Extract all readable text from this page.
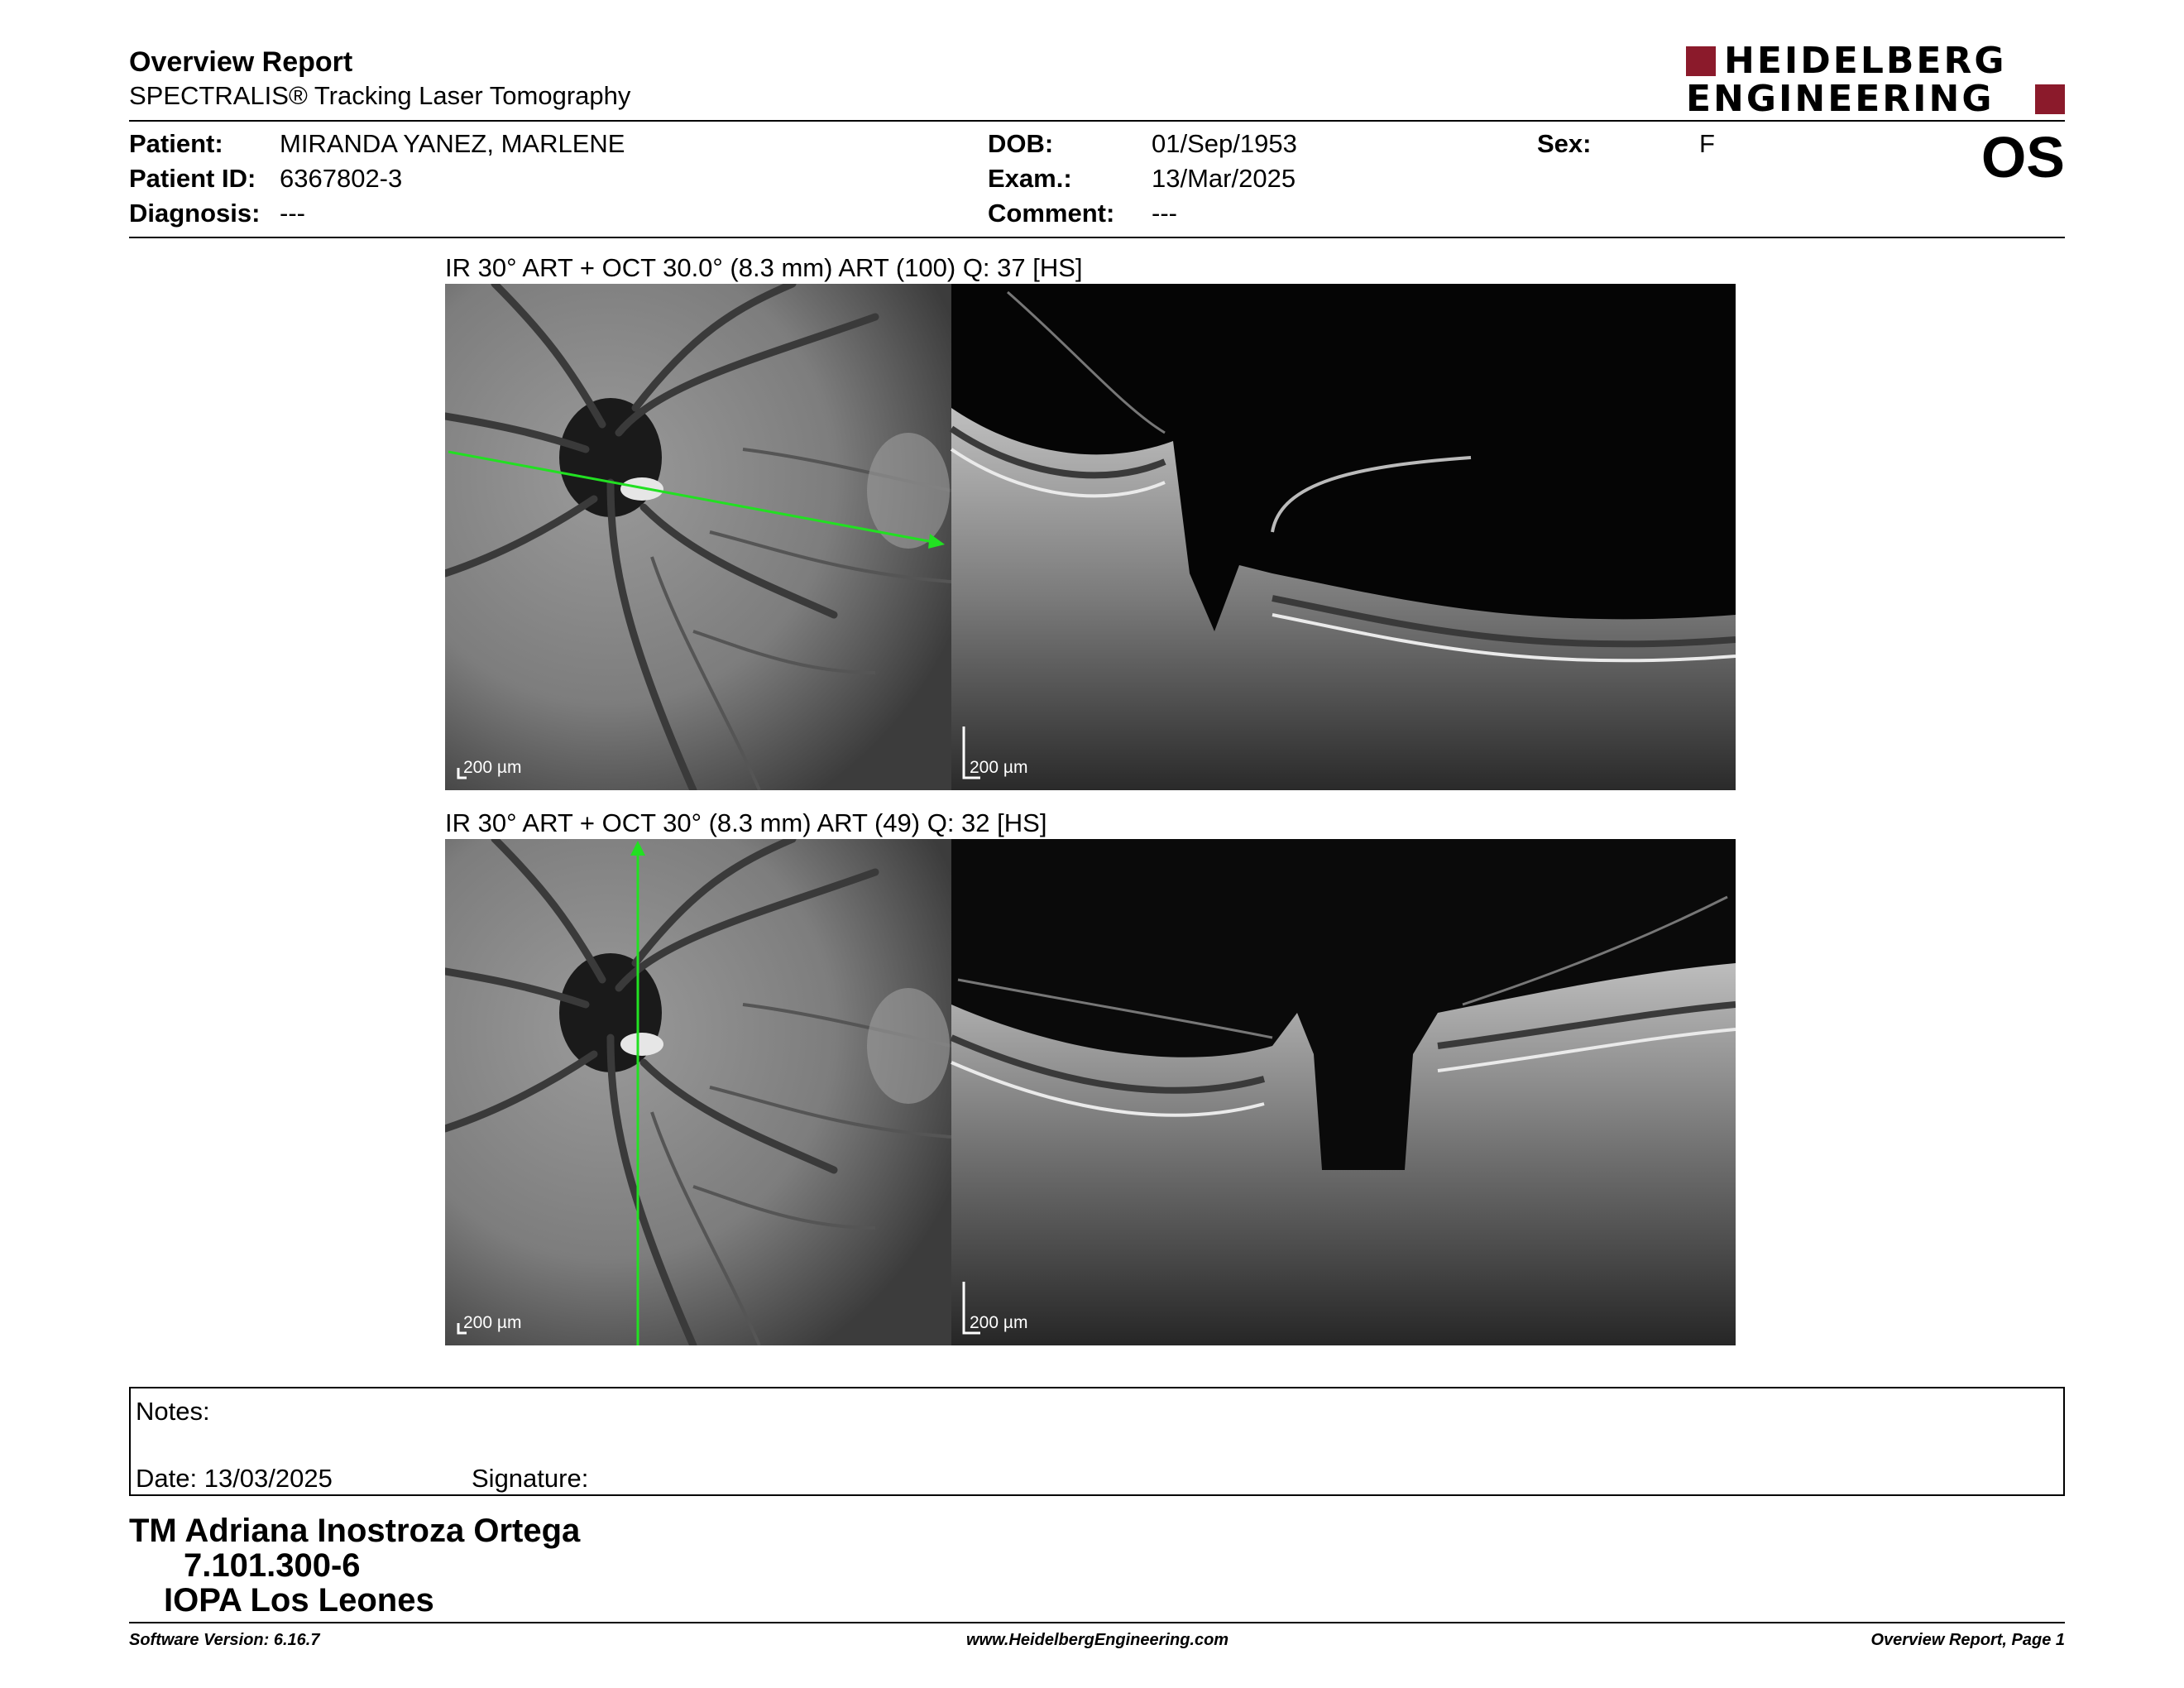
Overview Report
SPECTRALIS® Tracking Laser Tomography
HEIDELBERG
ENGINEERING
Patient: MIRANDA YANEZ, MARLENE
Patient ID: 6367802-3
Diagnosis: ---
DOB:	01/Sep/1953
Exam.:	13/Mar/2025
Comment: ---
Sex:	F	OS
IR 30° ART + OCT 30.0° (8.3 mm) ART (100) Q: 37 [HS]
200 µm	200 µm
IR 30° ART + OCT 30° (8.3 mm) ART (49) Q: 32 [HS]
200 µm	200 µm
Notes:
Date: 13/03/2025	Signature:
TM Adriana Inostroza Ortega
7.101.300-6
IOPA Los Leones
Software Version: 6.16.7	www.HeidelbergEngineering.com	Overview Report, Page 1
